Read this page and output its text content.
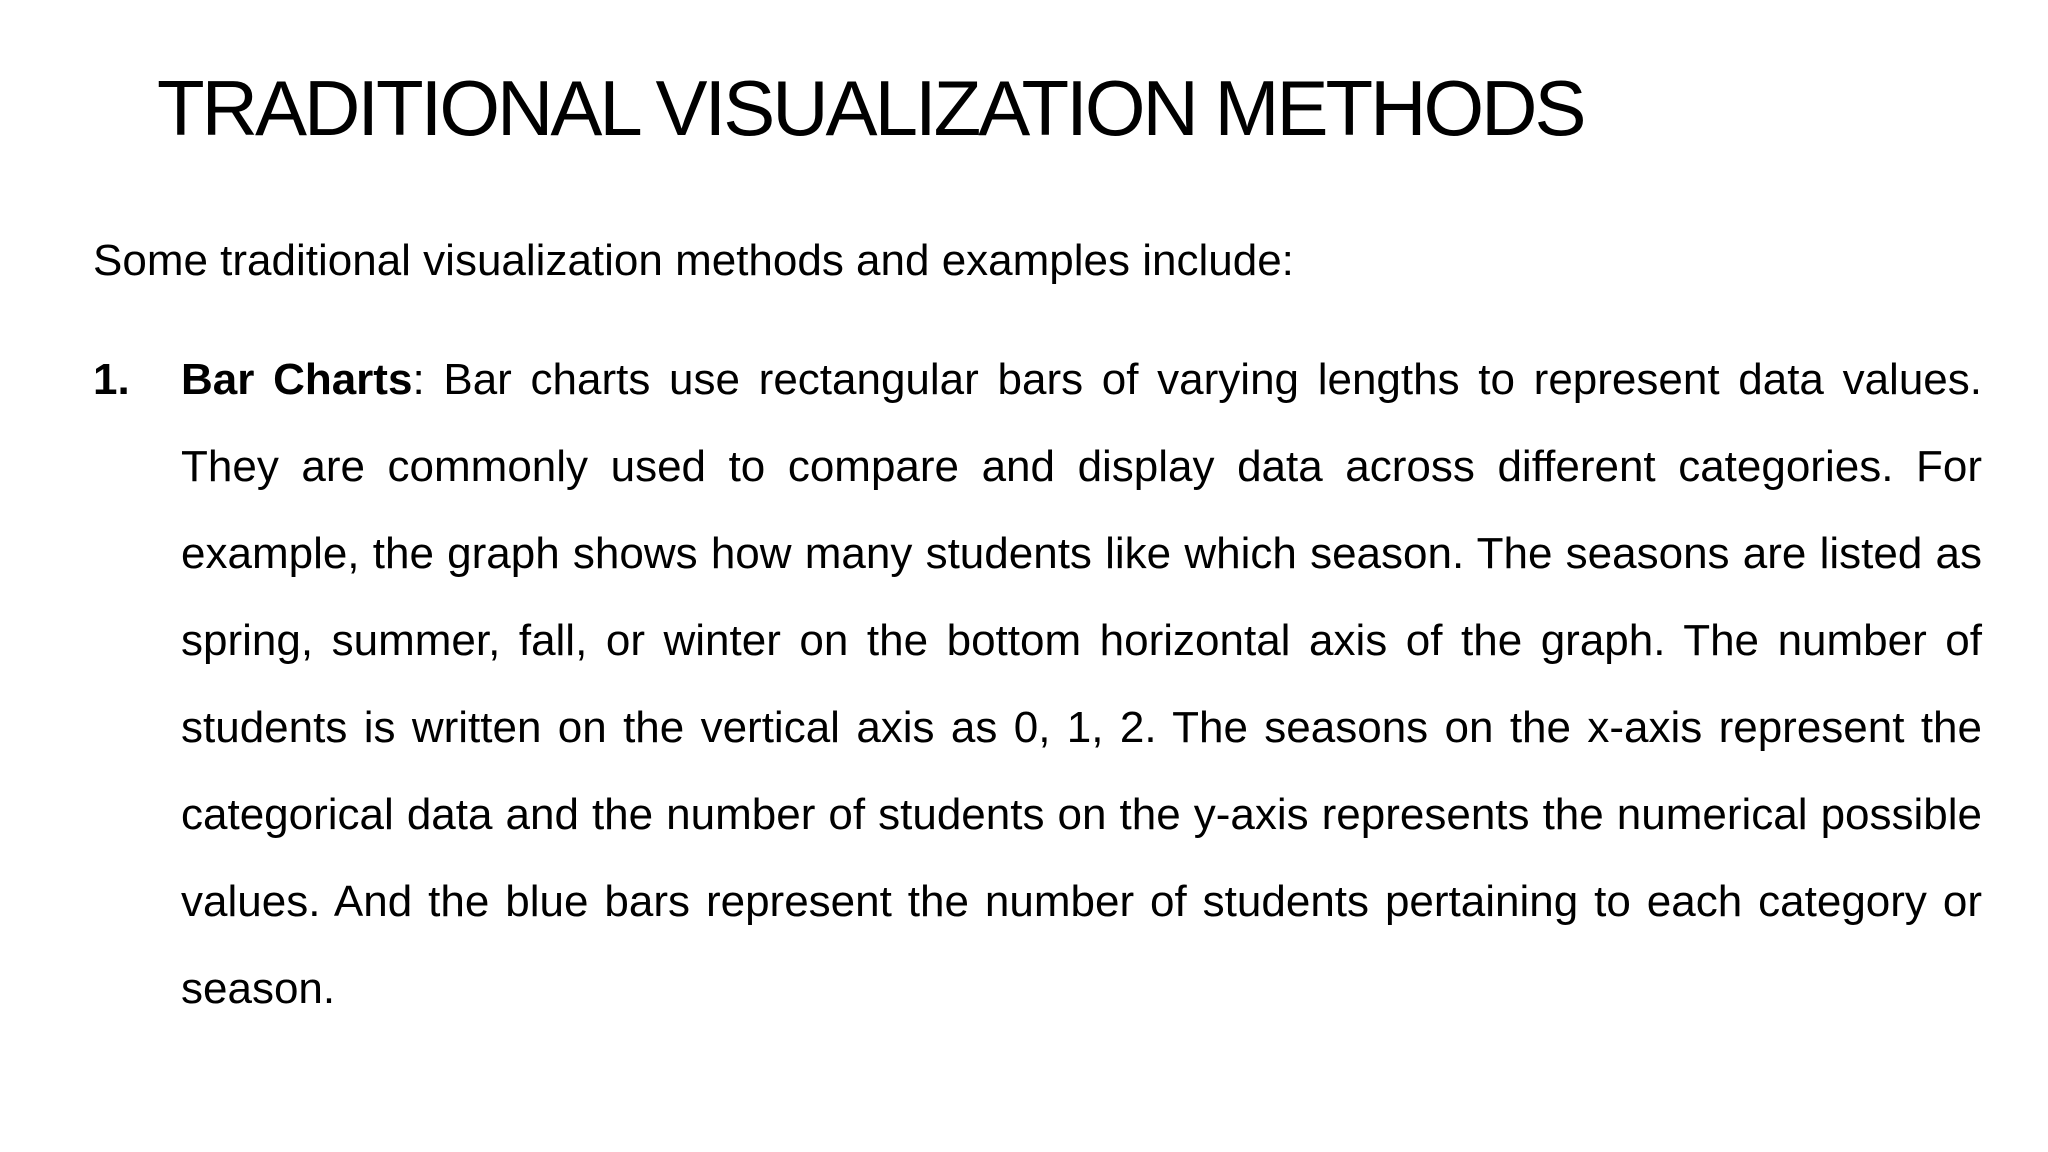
TRADITIONAL VISUALIZATION METHODS

Some traditional visualization methods and examples include:

1. Bar Charts: Bar charts use rectangular bars of varying lengths to represent data values. They are commonly used to compare and display data across different categories. For example, the graph shows how many students like which season. The seasons are listed as spring, summer, fall, or winter on the bottom horizontal axis of the graph. The number of students is written on the vertical axis as 0, 1, 2. The seasons on the x-axis represent the categorical data and the number of students on the y-axis represents the numerical possible values. And the blue bars represent the number of students pertaining to each category or season.
